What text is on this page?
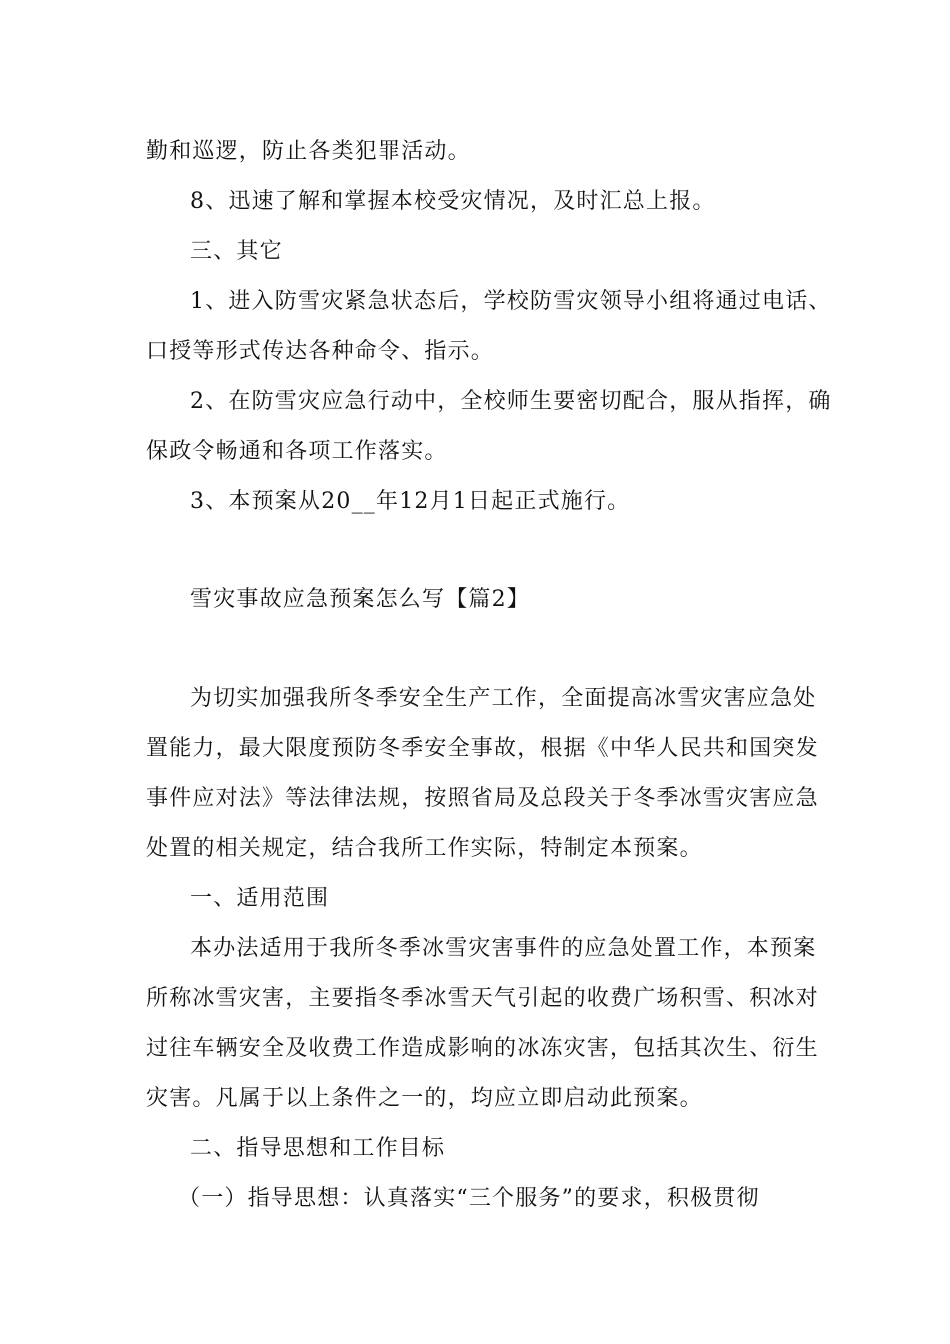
勤和巡逻，防止各类犯罪活动。
8、迅速了解和掌握本校受灾情况，及时汇总上报。
三、其它
1、进入防雪灾紧急状态后，学校防雪灾领导小组将通过电话、
口授等形式传达各种命令、指示。
2、在防雪灾应急行动中，全校师生要密切配合，服从指挥，确
保政令畅通和各项工作落实。
3、本预案从20__年12月1日起正式施行。
雪灾事故应急预案怎么写【篇2】
为切实加强我所冬季安全生产工作，全面提高冰雪灾害应急处
置能力，最大限度预防冬季安全事故，根据《中华人民共和国突发
事件应对法》等法律法规，按照省局及总段关于冬季冰雪灾害应急
处置的相关规定，结合我所工作实际，特制定本预案。
一、适用范围
本办法适用于我所冬季冰雪灾害事件的应急处置工作，本预案
所称冰雪灾害，主要指冬季冰雪天气引起的收费广场积雪、积冰对
过往车辆安全及收费工作造成影响的冰冻灾害，包括其次生、衍生
灾害。凡属于以上条件之一的，均应立即启动此预案。
二、指导思想和工作目标
（一）指导思想：认真落实“三个服务”的要求，积极贯彻
